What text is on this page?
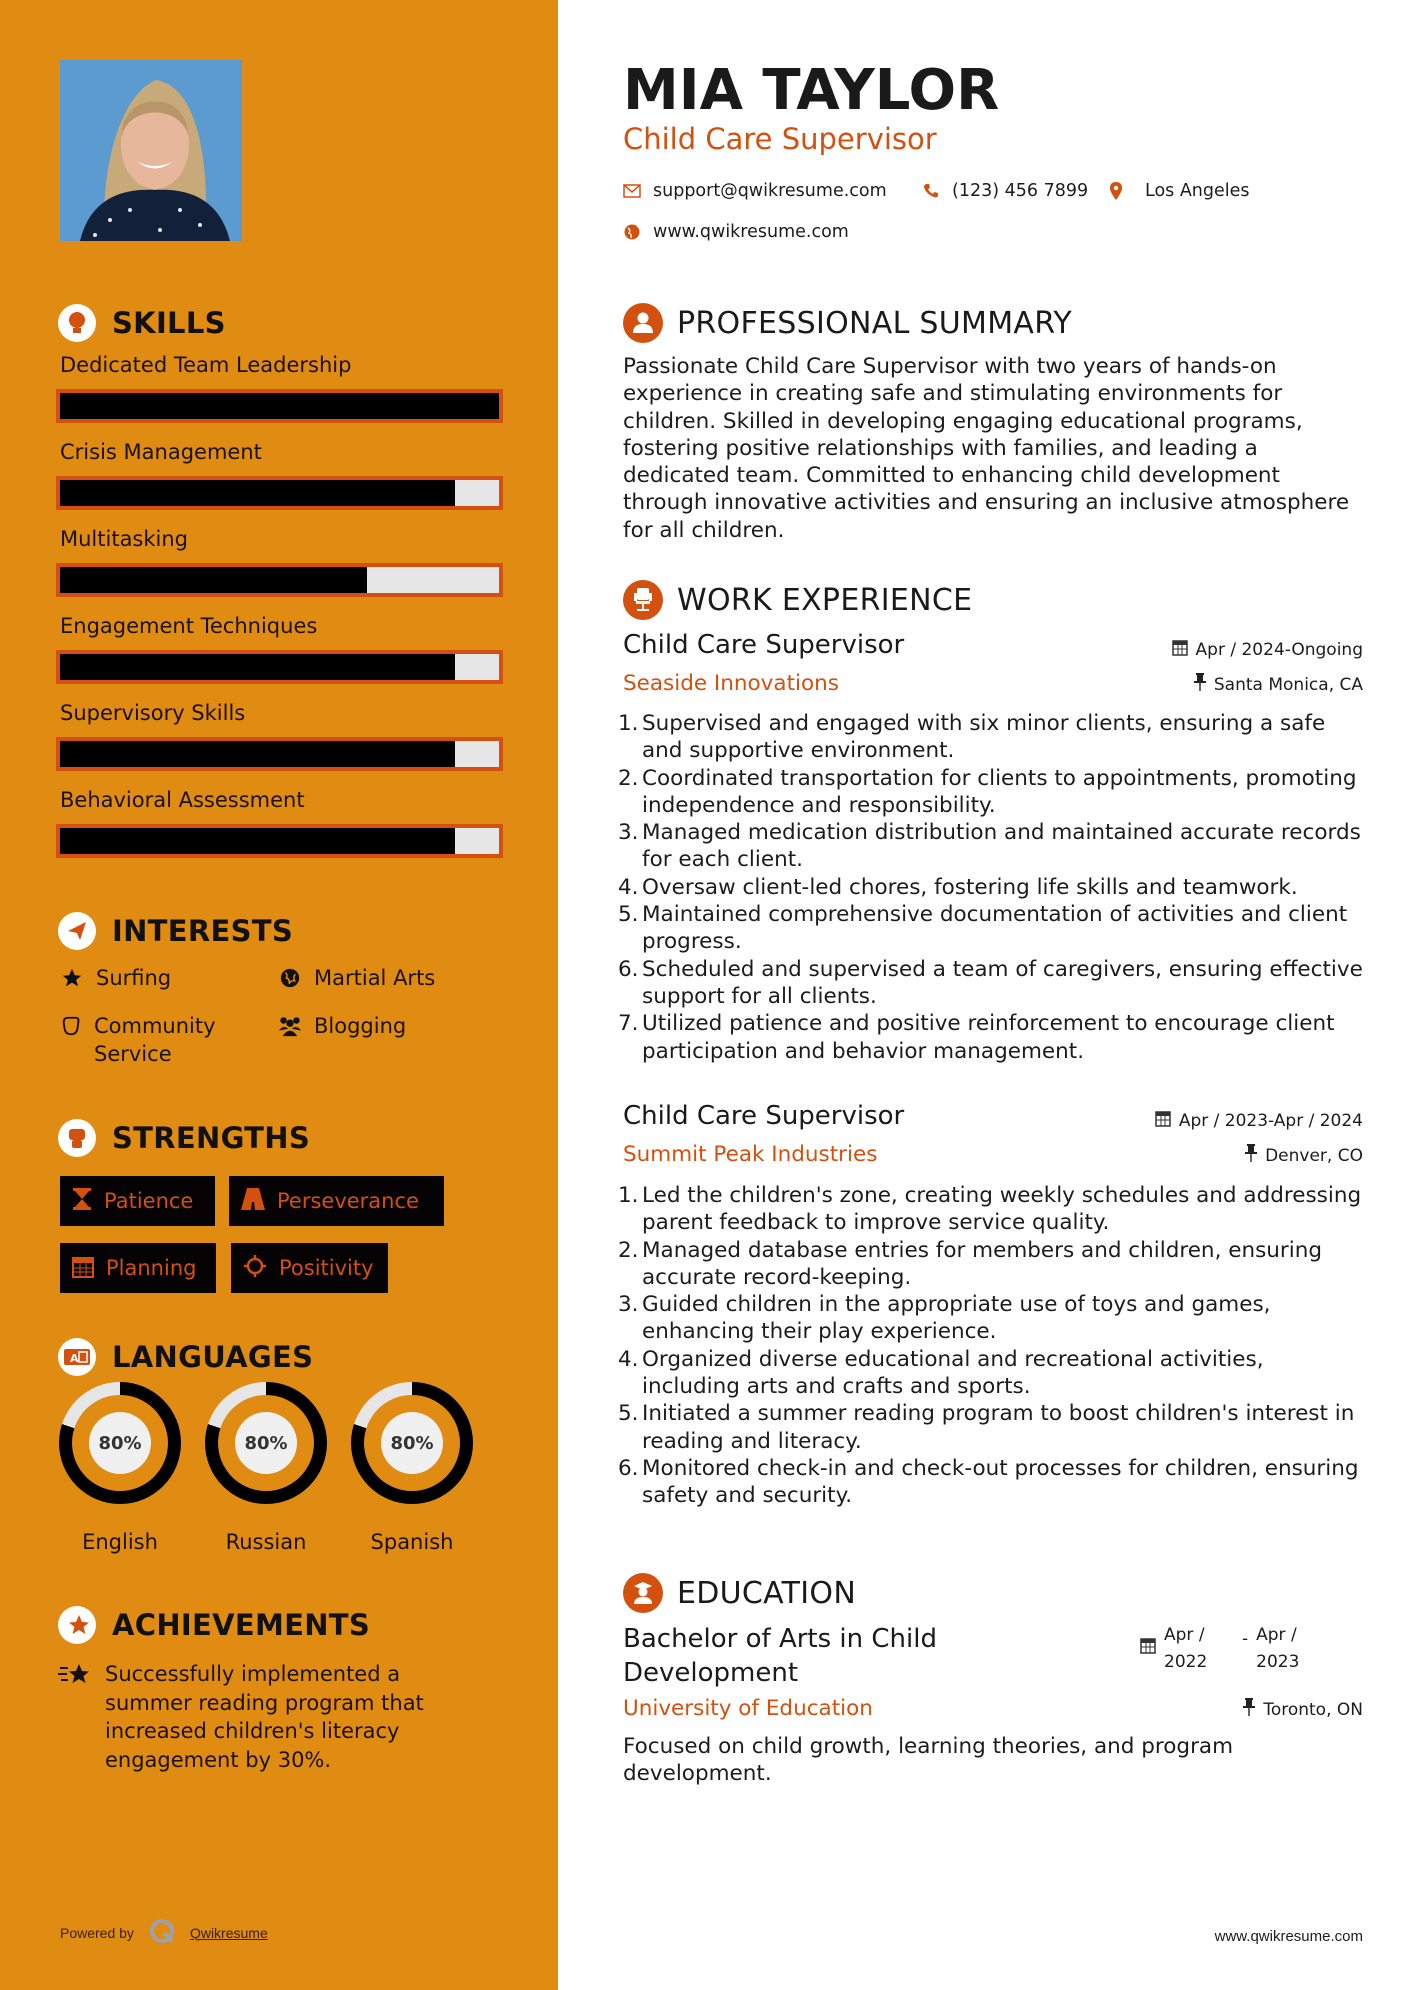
SKILLS
Dedicated Team Leadership
Crisis Management
Multitasking
Engagement Techniques
Supervisory Skills
Behavioral Assessment
INTERESTS
Surfing	Martial Arts
Community Service
Blogging
STRENGTHS
Patience	Perseverance
Planning	Positivity
A LANGUAGES
80%
English
80%
Russian
80%
Spanish
ACHIEVEMENTS
Successfully implemented a summer reading program that increased children's literacy engagement by 30%.
Powered by	Qwikresume
MIA TAYLOR
Child Care Supervisor
support@qwikresume.com	(123) 456 7899	Los Angeles
www.qwikresume.com
PROFESSIONAL SUMMARY
Passionate Child Care Supervisor with two years of hands-on experience in creating safe and stimulating environments for children. Skilled in developing engaging educational programs, fostering positive relationships with families, and leading a dedicated team. Committed to enhancing child development through innovative activities and ensuring an inclusive atmosphere for all children.
WORK EXPERIENCE
Child Care Supervisor	Apr / 2024-Ongoing
Seaside Innovations	Santa Monica, CA
1. Supervised and engaged with six minor clients, ensuring a safe and supportive environment.
2. Coordinated transportation for clients to appointments, promoting independence and responsibility.
3. Managed medication distribution and maintained accurate records for each client.
4. Oversaw client-led chores, fostering life skills and teamwork.
5. Maintained comprehensive documentation of activities and client progress.
6. Scheduled and supervised a team of caregivers, ensuring effective support for all clients.
7. Utilized patience and positive reinforcement to encourage client participation and behavior management.
Child Care Supervisor	Apr / 2023-Apr / 2024
Summit Peak Industries	Denver, CO
1. Led the children's zone, creating weekly schedules and addressing parent feedback to improve service quality.
2. Managed database entries for members and children, ensuring accurate record-keeping.
3. Guided children in the appropriate use of toys and games, enhancing their play experience.
4. Organized diverse educational and recreational activities, including arts and crafts and sports.
5. Initiated a summer reading program to boost children's interest in reading and literacy.
6. Monitored check-in and check-out processes for children, ensuring safety and security.
EDUCATION
Bachelor of Arts in Child Development
Apr / 2022
- Apr / 2023
University of Education	Toronto, ON
Focused on child growth, learning theories, and program development.
www.qwikresume.com
